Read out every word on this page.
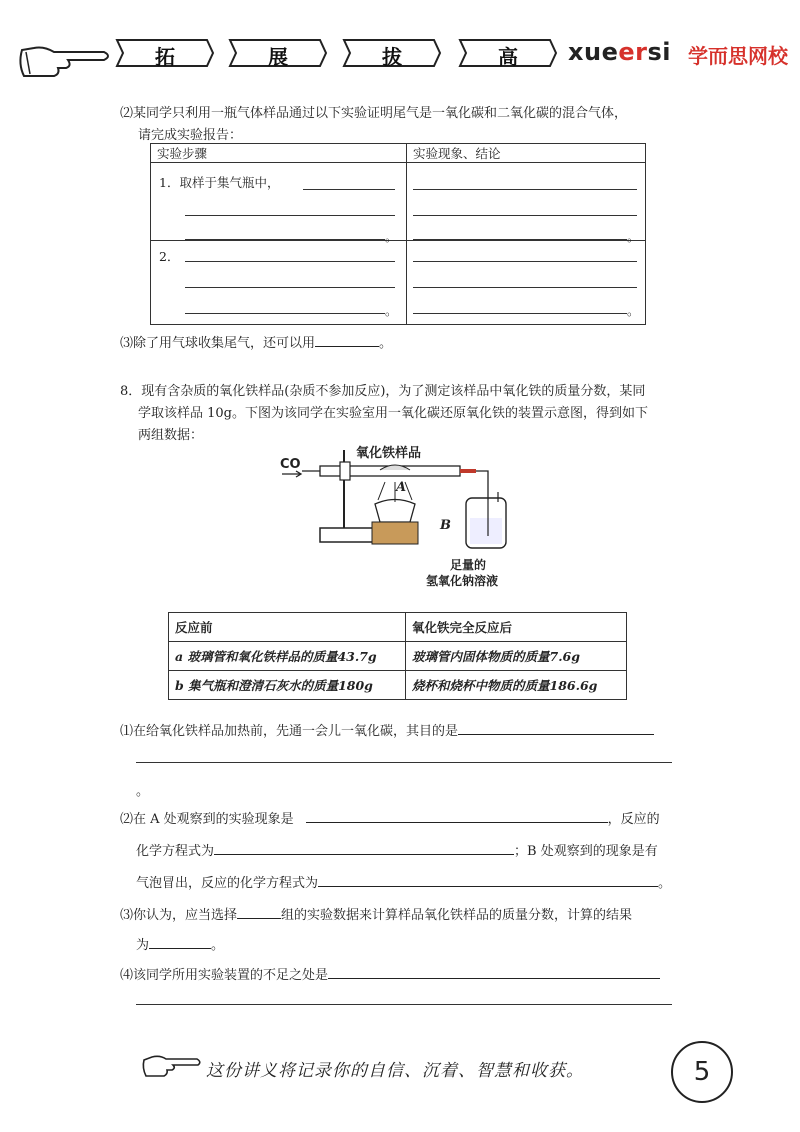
拓	展	拔	高	xueersi 学而思网校
⑵某同学只利用一瓶气体样品通过以下实验证明尾气是一氧化碳和二氧化碳的混合气体，
请完成实验报告：
实验步骤	实验现象、结论

1．取样于集气瓶中，
。	。

2．
。	。
⑶除了用气球收集尾气，还可以用	。
8．现有含杂质的氧化铁样品(杂质不参加反应)，为了测定该样品中氧化铁的质量分数，某同
学取该样品 10g。下图为该同学在实验室用一氧化碳还原氧化铁的装置示意图，得到如下
两组数据：
CO
氧化铁样品
A
B
足量的
氢氧化钠溶液
反应前	氧化铁完全反应后
a 玻璃管和氧化铁样品的质量43.7g	玻璃管内固体物质的质量7.6g
b 集气瓶和澄清石灰水的质量180g	烧杯和烧杯中物质的质量186.6g
⑴在给氧化铁样品加热前，先通一会儿一氧化碳，其目的是
。
⑵在 A 处观察到的实验现象是	，反应的
化学方程式为	；B 处观察到的现象是有
气泡冒出，反应的化学方程式为	。
⑶你认为，应当选择	组的实验数据来计算样品氧化铁样品的质量分数，计算的结果
为	。
⑷该同学所用实验装置的不足之处是
这份讲义将记录你的自信、沉着、智慧和收获。	5
